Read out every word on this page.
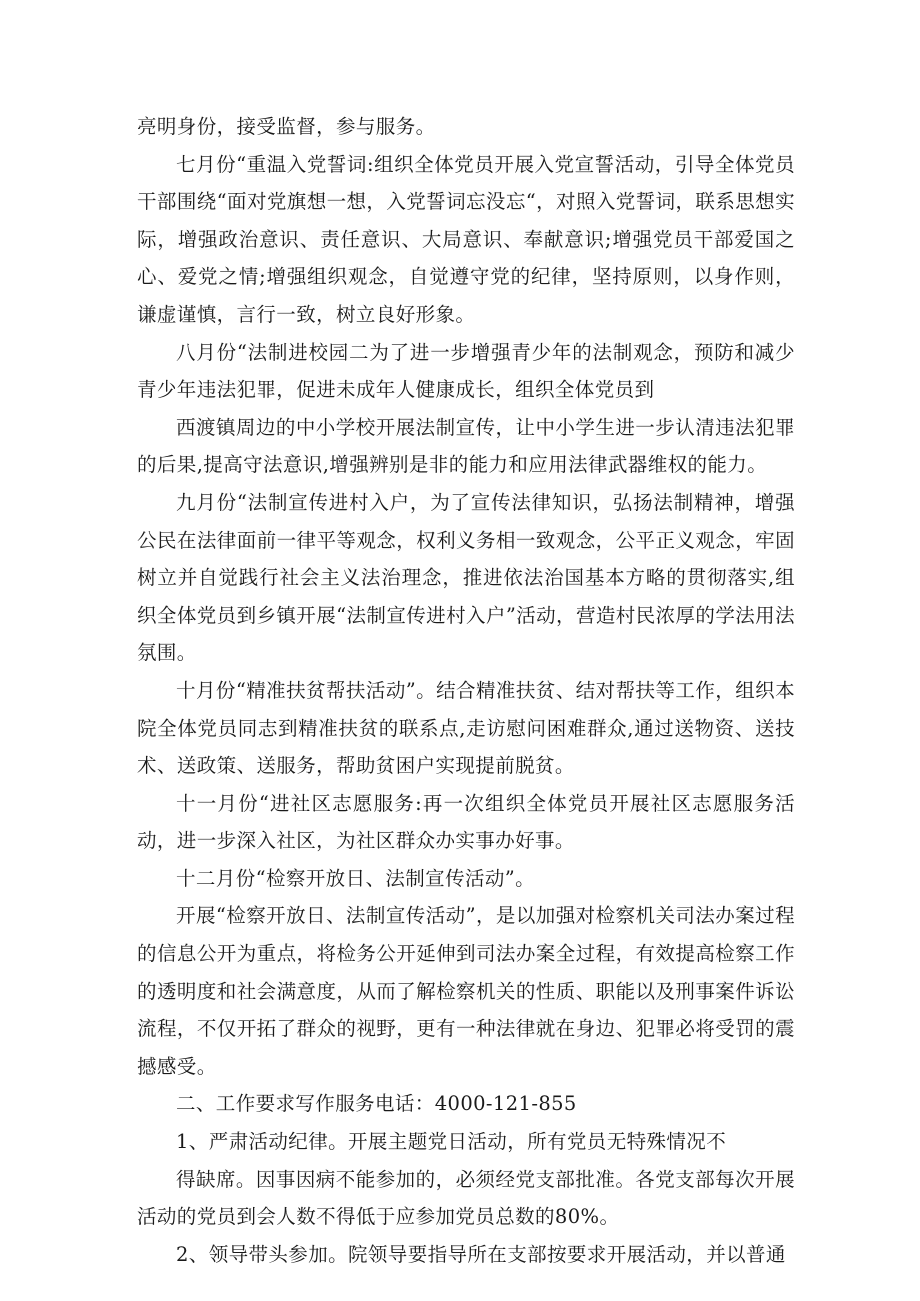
亮明身份，接受监督，参与服务。

七月份“重温入党誓词:组织全体党员开展入党宣誓活动，引导全体党员干部围绕“面对党旗想一想，入党誓词忘没忘“，对照入党誓词，联系思想实际，增强政治意识、责任意识、大局意识、奉献意识;增强党员干部爱国之心、爱党之情;增强组织观念，自觉遵守党的纪律，坚持原则，以身作则，谦虚谨慎，言行一致，树立良好形象。

八月份“法制进校园二为了进一步增强青少年的法制观念，预防和减少青少年违法犯罪，促进未成年人健康成长，组织全体党员到

西渡镇周边的中小学校开展法制宣传，让中小学生进一步认清违法犯罪的后果,提高守法意识,增强辨别是非的能力和应用法律武器维权的能力。

九月份“法制宣传进村入户，为了宣传法律知识，弘扬法制精神，增强公民在法律面前一律平等观念，权利义务相一致观念，公平正义观念，牢固树立并自觉践行社会主义法治理念，推进依法治国基本方略的贯彻落实,组织全体党员到乡镇开展“法制宣传进村入户”活动，营造村民浓厚的学法用法氛围。

十月份“精准扶贫帮扶活动”。结合精准扶贫、结对帮扶等工作，组织本院全体党员同志到精准扶贫的联系点,走访慰问困难群众,通过送物资、送技术、送政策、送服务，帮助贫困户实现提前脱贫。

十一月份“进社区志愿服务:再一次组织全体党员开展社区志愿服务活动，进一步深入社区，为社区群众办实事办好事。

十二月份“检察开放日、法制宣传活动”。

开展“检察开放日、法制宣传活动”，是以加强对检察机关司法办案过程的信息公开为重点，将检务公开延伸到司法办案全过程，有效提高检察工作的透明度和社会满意度，从而了解检察机关的性质、职能以及刑事案件诉讼流程，不仅开拓了群众的视野，更有一种法律就在身边、犯罪必将受罚的震撼感受。

二、工作要求写作服务电话：4000-121-855

1、严肃活动纪律。开展主题党日活动，所有党员无特殊情况不

得缺席。因事因病不能参加的，必须经党支部批准。各党支部每次开展活动的党员到会人数不得低于应参加党员总数的80%。

2、领导带头参加。院领导要指导所在支部按要求开展活动，并以普通
